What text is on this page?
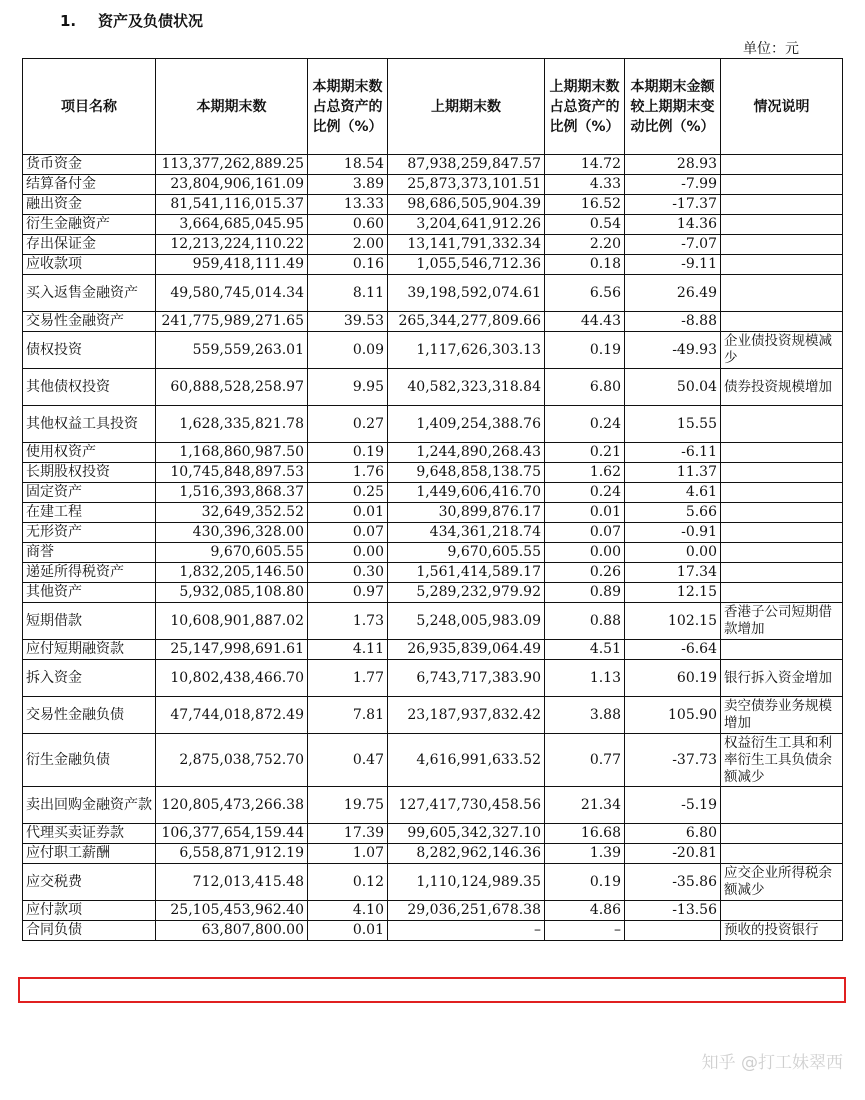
1. 资产及负债状况
单位：元
项目名称	本期期末数	本期期末数占总资产的比例（%）	上期期末数	上期期末数占总资产的比例（%）	本期期末金额较上期期末变动比例（%）	情况说明
货币资金	113,377,262,889.25	18.54	87,938,259,847.57	14.72	28.93	
结算备付金	23,804,906,161.09	3.89	25,873,373,101.51	4.33	-7.99	
融出资金	81,541,116,015.37	13.33	98,686,505,904.39	16.52	-17.37	
衍生金融资产	3,664,685,045.95	0.60	3,204,641,912.26	0.54	14.36	
存出保证金	12,213,224,110.22	2.00	13,141,791,332.34	2.20	-7.07	
应收款项	959,418,111.49	0.16	1,055,546,712.36	0.18	-9.11	
买入返售金融资产	49,580,745,014.34	8.11	39,198,592,074.61	6.56	26.49	
交易性金融资产	241,775,989,271.65	39.53	265,344,277,809.66	44.43	-8.88	
债权投资	559,559,263.01	0.09	1,117,626,303.13	0.19	-49.93	企业债投资规模减少
其他债权投资	60,888,528,258.97	9.95	40,582,323,318.84	6.80	50.04	债券投资规模增加
其他权益工具投资	1,628,335,821.78	0.27	1,409,254,388.76	0.24	15.55	
使用权资产	1,168,860,987.50	0.19	1,244,890,268.43	0.21	-6.11	
长期股权投资	10,745,848,897.53	1.76	9,648,858,138.75	1.62	11.37	
固定资产	1,516,393,868.37	0.25	1,449,606,416.70	0.24	4.61	
在建工程	32,649,352.52	0.01	30,899,876.17	0.01	5.66	
无形资产	430,396,328.00	0.07	434,361,218.74	0.07	-0.91	
商誉	9,670,605.55	0.00	9,670,605.55	0.00	0.00	
递延所得税资产	1,832,205,146.50	0.30	1,561,414,589.17	0.26	17.34	
其他资产	5,932,085,108.80	0.97	5,289,232,979.92	0.89	12.15	
短期借款	10,608,901,887.02	1.73	5,248,005,983.09	0.88	102.15	香港子公司短期借款增加
应付短期融资款	25,147,998,691.61	4.11	26,935,839,064.49	4.51	-6.64	
拆入资金	10,802,438,466.70	1.77	6,743,717,383.90	1.13	60.19	银行拆入资金增加
交易性金融负债	47,744,018,872.49	7.81	23,187,937,832.42	3.88	105.90	卖空债券业务规模增加
衍生金融负债	2,875,038,752.70	0.47	4,616,991,633.52	0.77	-37.73	权益衍生工具和利率衍生工具负债余额减少
卖出回购金融资产款	120,805,473,266.38	19.75	127,417,730,458.56	21.34	-5.19	
代理买卖证券款	106,377,654,159.44	17.39	99,605,342,327.10	16.68	6.80	
应付职工薪酬	6,558,871,912.19	1.07	8,282,962,146.36	1.39	-20.81	
应交税费	712,013,415.48	0.12	1,110,124,989.35	0.19	-35.86	应交企业所得税余额减少
应付款项	25,105,453,962.40	4.10	29,036,251,678.38	4.86	-13.56	
合同负债	63,807,800.00	0.01	–	–		预收的投资银行
知乎 @打工妹翠西
